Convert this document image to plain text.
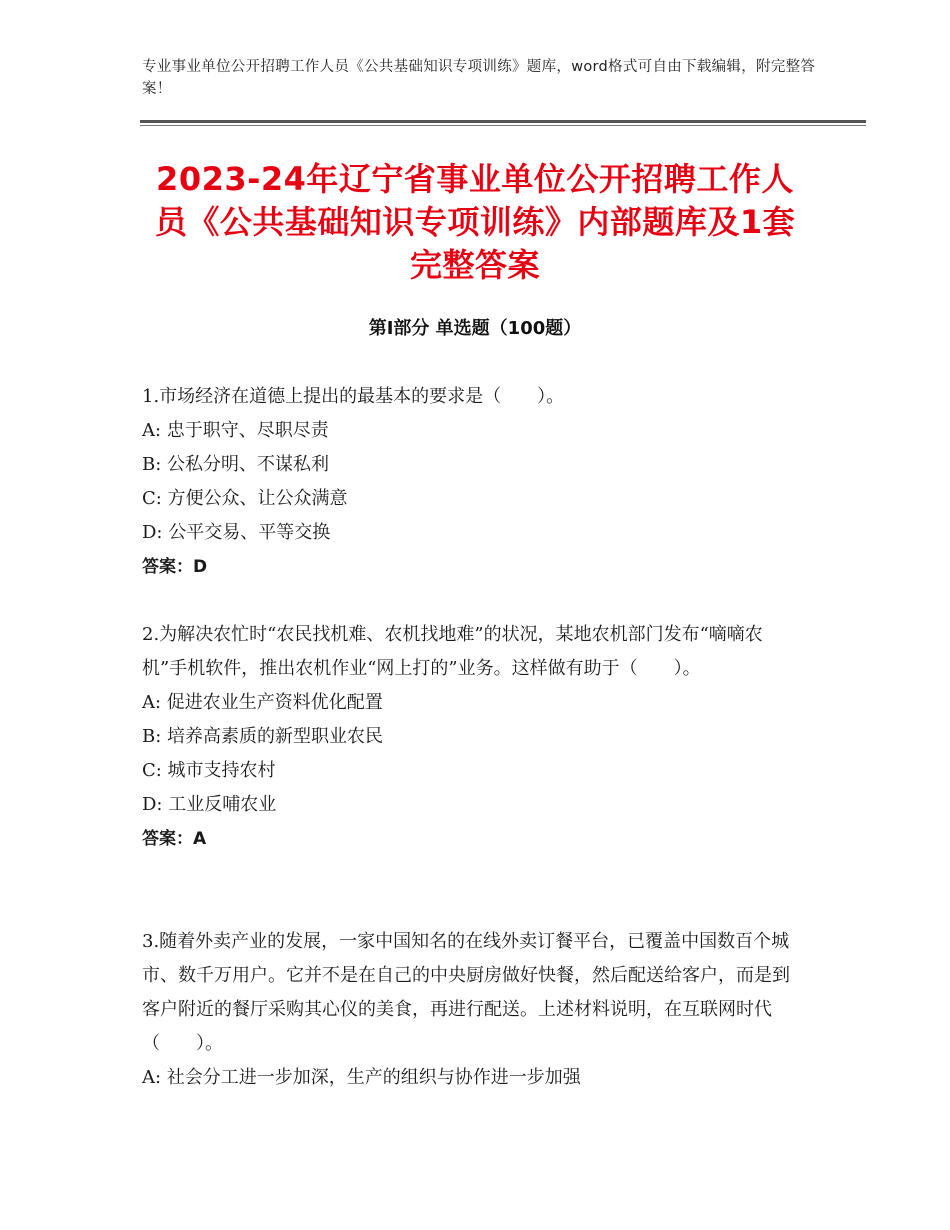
专业事业单位公开招聘工作人员《公共基础知识专项训练》题库，word格式可自由下载编辑，附完整答案！
2023-24年辽宁省事业单位公开招聘工作人员《公共基础知识专项训练》内部题库及1套完整答案
第I部分 单选题（100题）
1.市场经济在道德上提出的最基本的要求是（　　）。
A: 忠于职守、尽职尽责
B: 公私分明、不谋私利
C: 方便公众、让公众满意
D: 公平交易、平等交换
答案：D
2.为解决农忙时“农民找机难、农机找地难”的状况，某地农机部门发布“嘀嘀农机”手机软件，推出农机作业“网上打的”业务。这样做有助于（　　）。
A: 促进农业生产资料优化配置
B: 培养高素质的新型职业农民
C: 城市支持农村
D: 工业反哺农业
答案：A
3.随着外卖产业的发展，一家中国知名的在线外卖订餐平台，已覆盖中国数百个城市、数千万用户。它并不是在自己的中央厨房做好快餐，然后配送给客户，而是到客户附近的餐厅采购其心仪的美食，再进行配送。上述材料说明，在互联网时代（　　）。
A: 社会分工进一步加深，生产的组织与协作进一步加强
